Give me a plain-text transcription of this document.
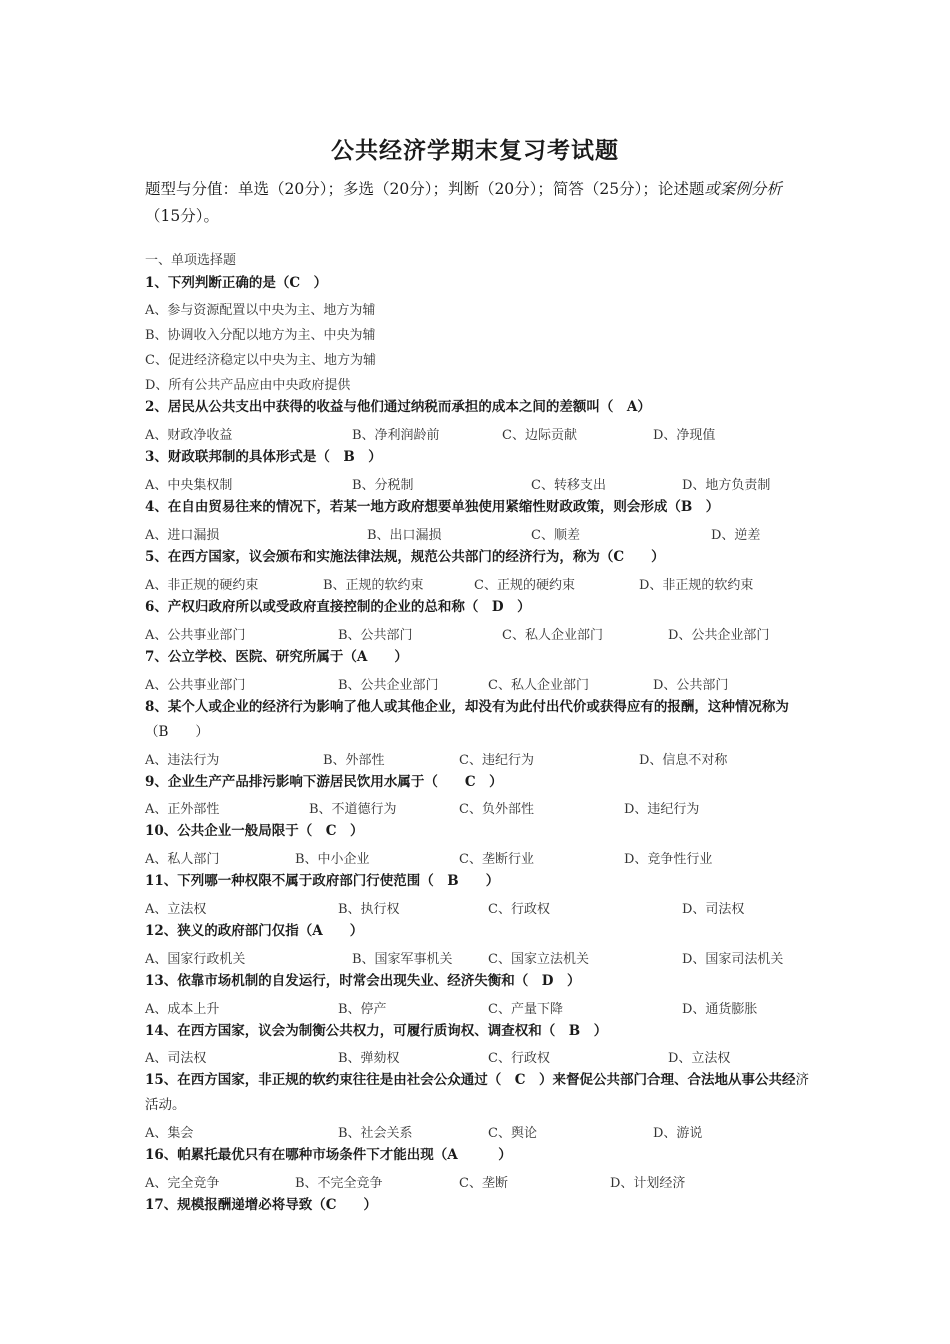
公共经济学期末复习考试题
题型与分值：单选（20分）；多选（20分）；判断（20分）；简答（25分）；论述题或案例分析（15分）。
一、单项选择题
1、下列判断正确的是（C　）
A、参与资源配置以中央为主、地方为辅
B、协调收入分配以地方为主、中央为辅
C、促进经济稳定以中央为主、地方为辅
D、所有公共产品应由中央政府提供
2、居民从公共支出中获得的收益与他们通过纳税而承担的成本之间的差额叫（　A）
A、财政净收益	B、净利润龄前	C、边际贡献	D、净现值
3、财政联邦制的具体形式是（　B　）
A、中央集权制	B、分税制	C、转移支出	D、地方负责制
4、在自由贸易往来的情况下，若某一地方政府想要单独使用紧缩性财政政策，则会形成（B　）
A、进口漏损	B、出口漏损	C、顺差	D、逆差
5、在西方国家，议会颁布和实施法律法规，规范公共部门的经济行为，称为（C　　）
A、非正规的硬约束	B、正规的软约束	C、正规的硬约束	D、非正规的软约束
6、产权归政府所以或受政府直接控制的企业的总和称（　D　）
A、公共事业部门	B、公共部门	C、私人企业部门	D、公共企业部门
7、公立学校、医院、研究所属于（A　　）
A、公共事业部门	B、公共企业部门	C、私人企业部门	D、公共部门
8、某个人或企业的经济行为影响了他人或其他企业，却没有为此付出代价或获得应有的报酬，这种情况称为（B　　）
A、违法行为	B、外部性	C、违纪行为	D、信息不对称
9、企业生产产品排污影响下游居民饮用水属于（　　C　）
A、正外部性	B、不道德行为	C、负外部性	D、违纪行为
10、公共企业一般局限于（　C　）
A、私人部门	B、中小企业	C、垄断行业	D、竞争性行业
11、下列哪一种权限不属于政府部门行使范围（　B　　）
A、立法权	B、执行权	C、行政权	D、司法权
12、狭义的政府部门仅指（A　　）
A、国家行政机关	B、国家军事机关	C、国家立法机关	D、国家司法机关
13、依靠市场机制的自发运行，时常会出现失业、经济失衡和（　D　）
A、成本上升	B、停产	C、产量下降	D、通货膨胀
14、在西方国家，议会为制衡公共权力，可履行质询权、调查权和（　B　）
A、司法权	B、弹劾权	C、行政权	D、立法权
15、在西方国家，非正规的软约束往往是由社会公众通过（　C　）来督促公共部门合理、合法地从事公共经济活动。
A、集会	B、社会关系	C、舆论	D、游说
16、帕累托最优只有在哪种市场条件下才能出现（A　　　）
A、完全竞争	B、不完全竞争	C、垄断	D、计划经济
17、规模报酬递增必将导致（C　　）
